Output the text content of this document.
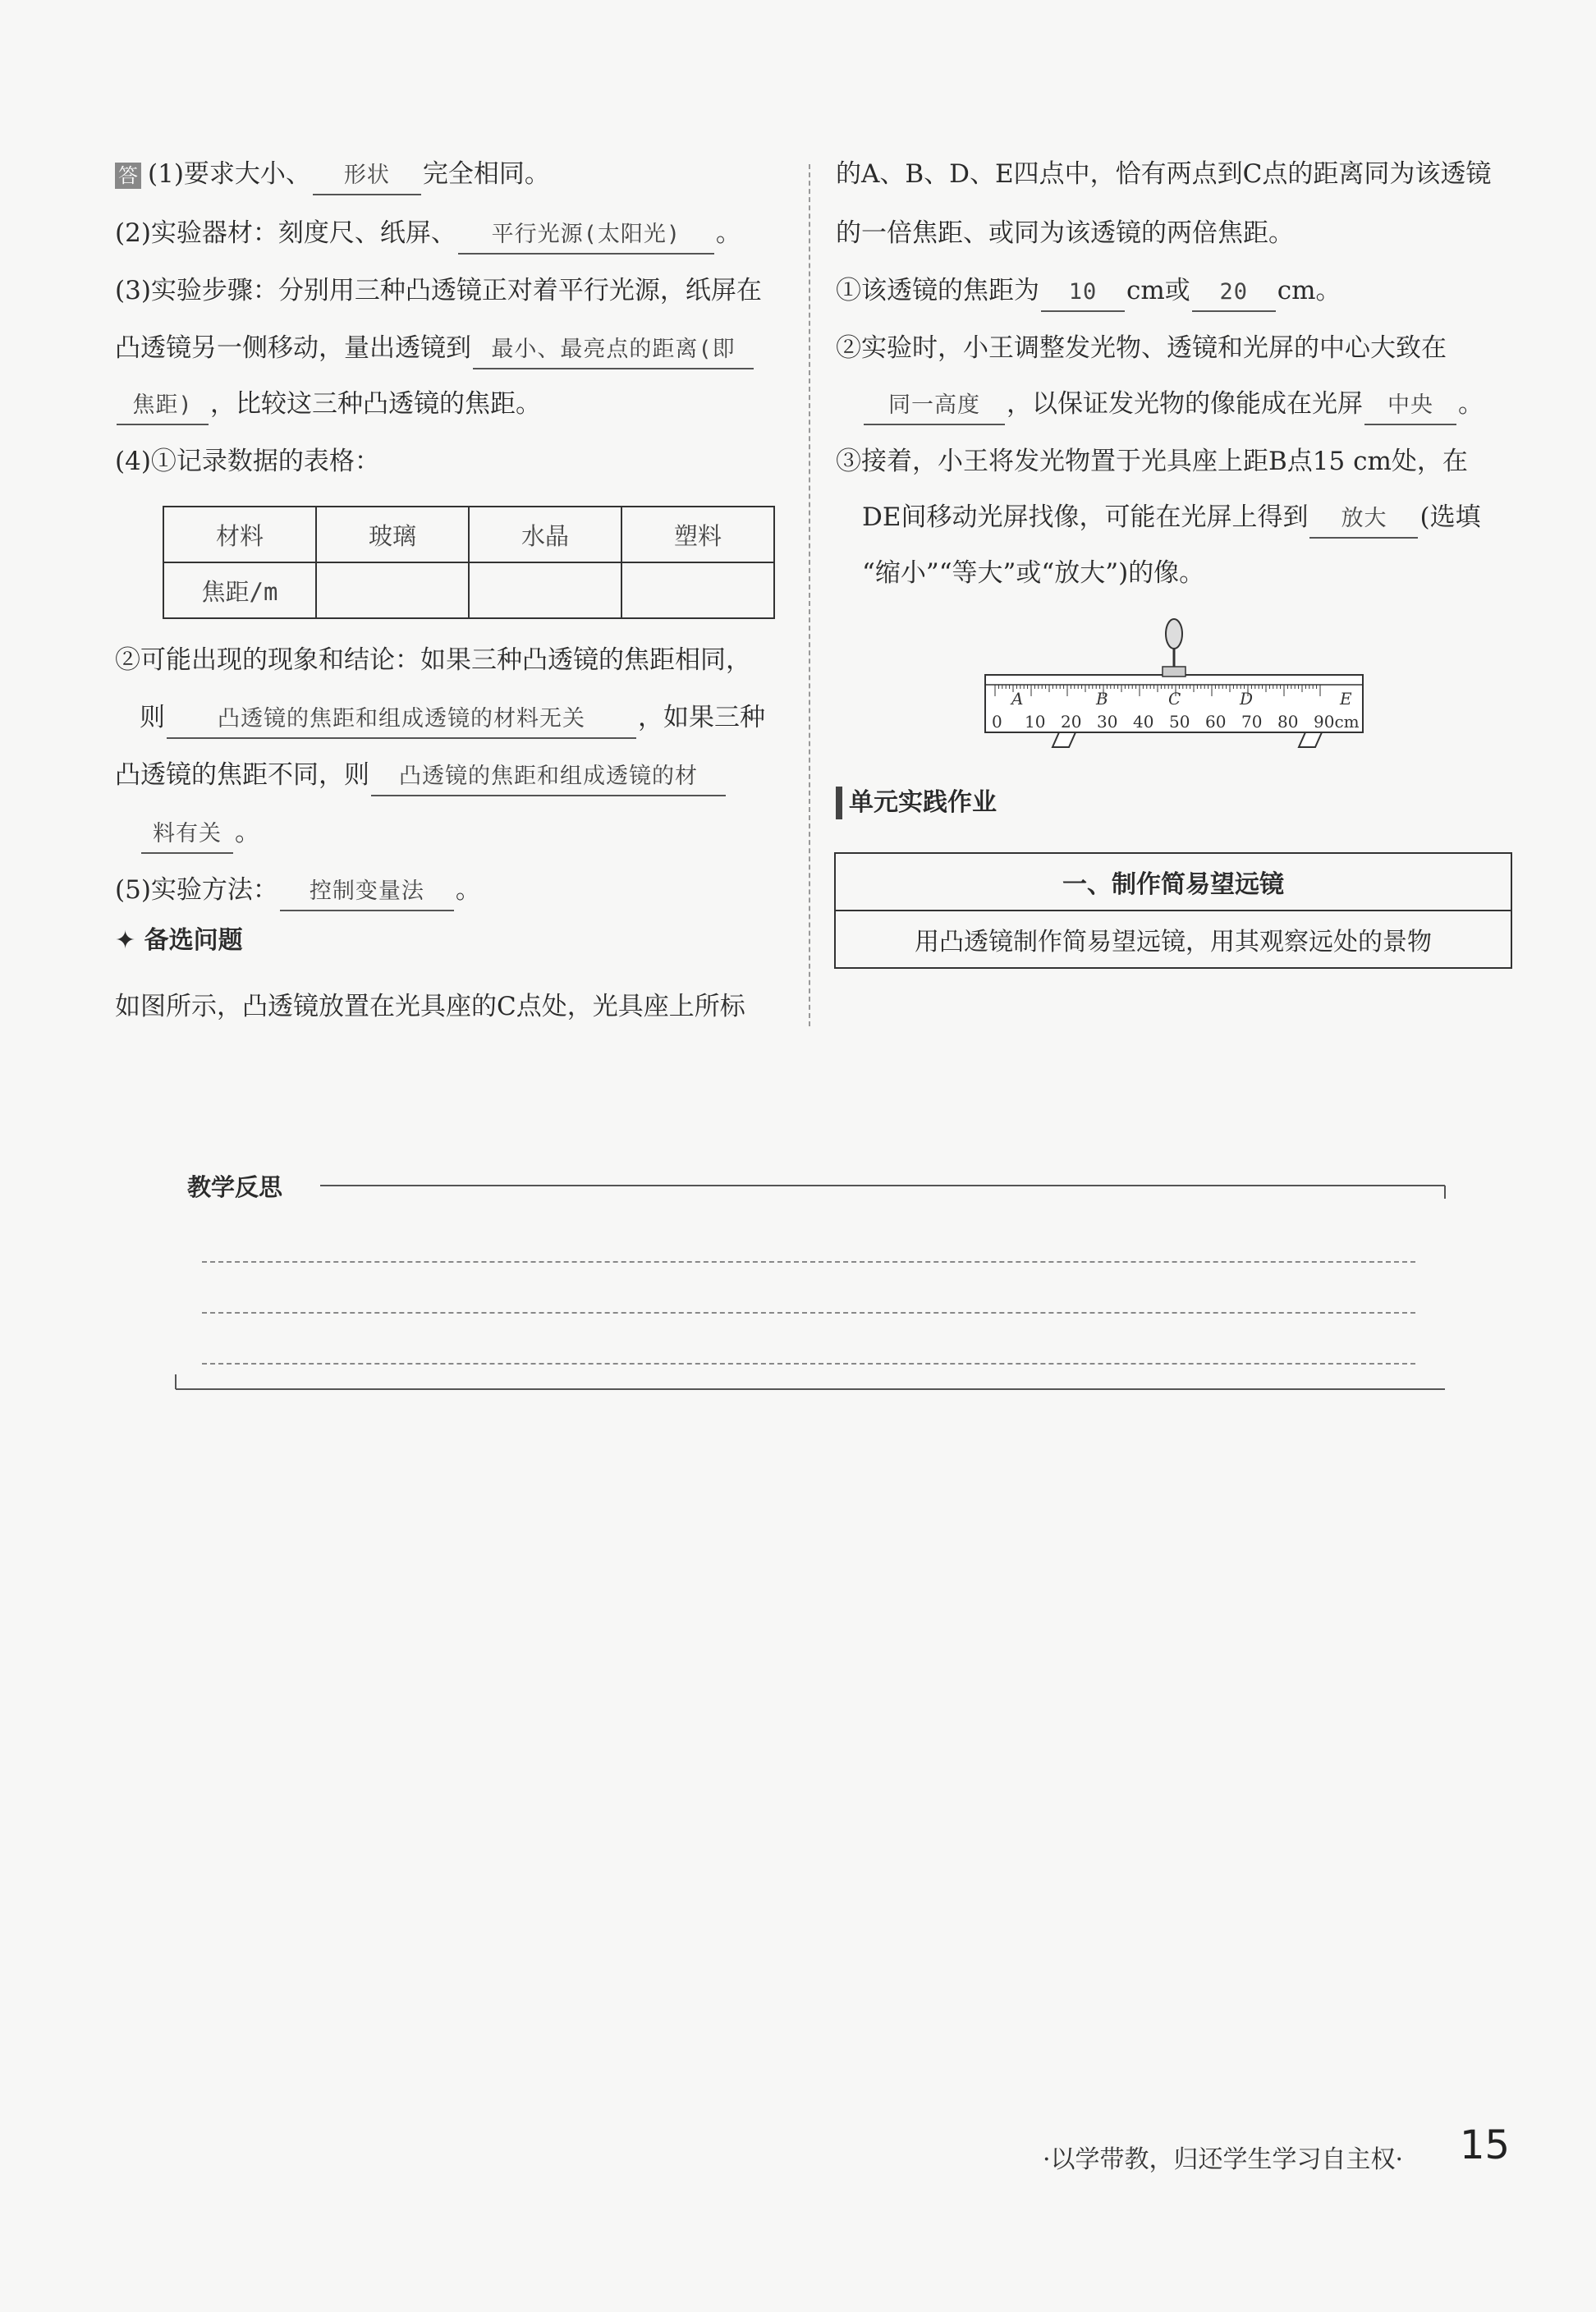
答 (1)要求大小、 形状 完全相同。
(2)实验器材：刻度尺、纸屏、 平行光源(太阳光) 。
(3)实验步骤：分别用三种凸透镜正对着平行光源，纸屏在
凸透镜另一侧移动，量出透镜到 最小、最亮点的距离(即
焦距) ，比较这三种凸透镜的焦距。
(4)①记录数据的表格：
材料	玻璃	水晶	塑料
焦距/m			
②可能出现的现象和结论：如果三种凸透镜的焦距相同，
则 凸透镜的焦距和组成透镜的材料无关 ，如果三种
凸透镜的焦距不同，则 凸透镜的焦距和组成透镜的材
料有关 。
(5)实验方法： 控制变量法 。
✦ 备选问题
如图所示，凸透镜放置在光具座的C点处，光具座上所标
的A、B、D、E四点中，恰有两点到C点的距离同为该透镜
的一倍焦距、或同为该透镜的两倍焦距。
①该透镜的焦距为 10 cm或 20 cm。
②实验时，小王调整发光物、透镜和光屏的中心大致在
同一高度 ，以保证发光物的像能成在光屏 中央 。
③接着，小王将发光物置于光具座上距B点15 cm处，在
DE间移动光屏找像，可能在光屏上得到 放大 (选填
“缩小”“等大”或“放大”)的像。
A	B	C	D	E
0 10 20 30 40 50 60 70 80 90cm
单元实践作业
一、制作简易望远镜
用凸透镜制作简易望远镜，用其观察远处的景物
教学反思
·以学带教，归还学生学习自主权· 15
